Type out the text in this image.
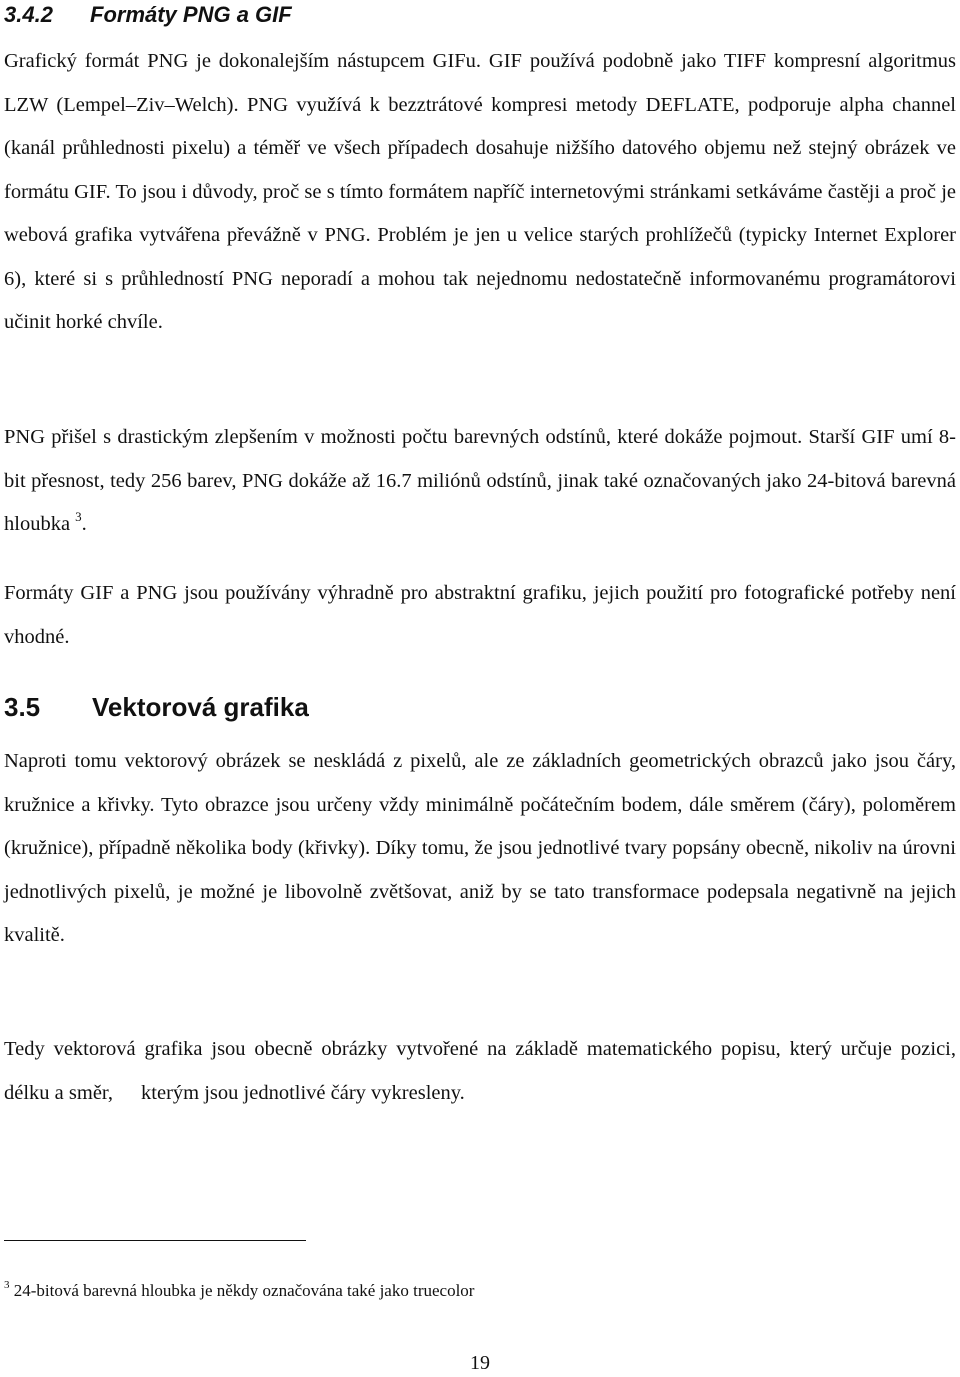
3.4.2 Formáty PNG a GIF

Grafický formát PNG je dokonalejším nástupcem GIFu. GIF používá podobně jako TIFF kompresní algoritmus LZW (Lempel–Ziv–Welch). PNG využívá k bezztrátové kompresi metody DEFLATE, podporuje alpha channel (kanál průhlednosti pixelu) a téměř ve všech případech dosahuje nižšího datového objemu než stejný obrázek ve formátu GIF. To jsou i důvody, proč se s tímto formátem napříč internetovými stránkami setkáváme častěji a proč je webová grafika vytvářena převážně v PNG. Problém je jen u velice starých prohlížečů (typicky Internet Explorer 6), které si s průhledností PNG neporadí a mohou tak nejednomu nedostatečně informovanému programátorovi učinit horké chvíle.

PNG přišel s drastickým zlepšením v možnosti počtu barevných odstínů, které dokáže pojmout. Starší GIF umí 8-bit přesnost, tedy 256 barev, PNG dokáže až 16.7 miliónů odstínů, jinak také označovaných jako 24-bitová barevná hloubka $^3$.

Formáty GIF a PNG jsou používány výhradně pro abstraktní grafiku, jejich použití pro fotografické potřeby není vhodné.

3.5 Vektorová grafika

Naproti tomu vektorový obrázek se neskládá z pixelů, ale ze základních geometrických obrazců jako jsou čáry, kružnice a křivky. Tyto obrazce jsou určeny vždy minimálně počátečním bodem, dále směrem (čáry), poloměrem (kružnice), případně několika body (křivky). Díky tomu, že jsou jednotlivé tvary popsány obecně, nikoliv na úrovni jednotlivých pixelů, je možné je libovolně zvětšovat, aniž by se tato transformace podepsala negativně na jejich kvalitě.

Tedy vektorová grafika jsou obecně obrázky vytvořené na základě matematického popisu, který určuje pozici, délku a směr, kterým jsou jednotlivé čáry vykresleny.

$^3$ 24-bitová barevná hloubka je někdy označována také jako truecolor

19
